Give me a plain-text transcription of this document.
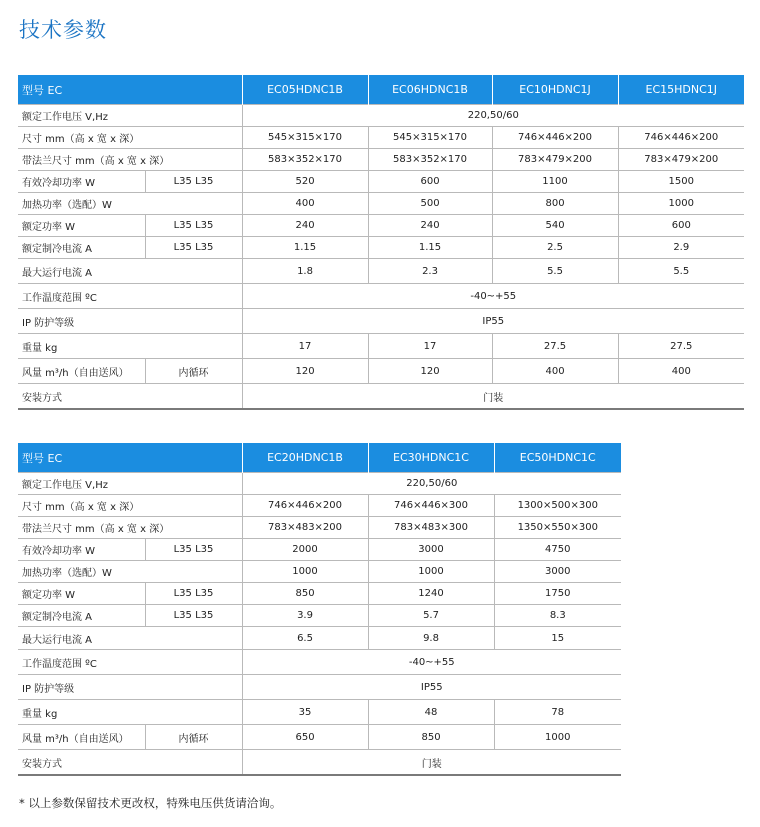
技术参数
型号 EC		EC05HDNC1B	EC06HDNC1B	EC10HDNC1J	EC15HDNC1J
额定工作电压 V,Hz		220,50/60			
尺寸 mm（高 x 宽 x 深）		545×315×170	545×315×170	746×446×200	746×446×200
带法兰尺寸 mm（高 x 宽 x 深）		583×352×170	583×352×170	783×479×200	783×479×200
有效冷却功率 W	L35 L35	520	600	1100	1500
加热功率（选配）W		400	500	800	1000
额定功率 W	L35 L35	240	240	540	600
额定制冷电流 A	L35 L35	1.15	1.15	2.5	2.9
最大运行电流 A		1.8	2.3	5.5	5.5
工作温度范围 ºC		-40~+55			
IP 防护等级		IP55			
重量 kg		17	17	27.5	27.5
风量 m³/h（自由送风）	内循环	120	120	400	400
安装方式		门装			
型号 EC		EC20HDNC1B	EC30HDNC1C	EC50HDNC1C
额定工作电压 V,Hz		220,50/60		
尺寸 mm（高 x 宽 x 深）		746×446×200	746×446×300	1300×500×300
带法兰尺寸 mm（高 x 宽 x 深）		783×483×200	783×483×300	1350×550×300
有效冷却功率 W	L35 L35	2000	3000	4750
加热功率（选配）W		1000	1000	3000
额定功率 W	L35 L35	850	1240	1750
额定制冷电流 A	L35 L35	3.9	5.7	8.3
最大运行电流 A		6.5	9.8	15
工作温度范围 ºC		-40~+55		
IP 防护等级		IP55		
重量 kg		35	48	78
风量 m³/h（自由送风）	内循环	650	850	1000
安装方式		门装		
* 以上参数保留技术更改权，特殊电压供货请洽询。
